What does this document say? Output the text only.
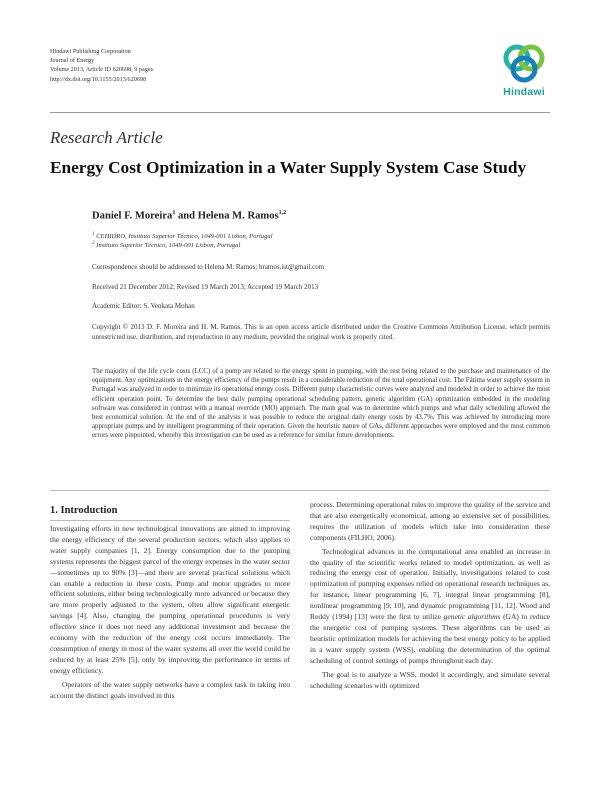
Hindawi Publishing Corporation
Journal of Energy
Volume 2013, Article ID 620698, 9 pages
http://dx.doi.org/10.1155/2013/620698
Hindawi
Research Article
Energy Cost Optimization in a Water Supply System Case Study
Daniel F. Moreira$^1$ and Helena M. Ramos$^{1,2}$
$^1$ CEHIDRO, Instituto Superior Técnico, 1049-001 Lisbon, Portugal
$^2$ Instituto Superior Técnico, 1049-001 Lisbon, Portugal
Correspondence should be addressed to Helena M. Ramos; hramos.ist@gmail.com
Received 21 December 2012; Revised 19 March 2013; Accepted 19 March 2013
Academic Editor: S. Venkata Mohan
Copyright © 2013 D. F. Moreira and H. M. Ramos. This is an open access article distributed under the Creative Commons Attribution License, which permits unrestricted use, distribution, and reproduction in any medium, provided the original work is properly cited.
The majority of the life cycle costs (LCC) of a pump are related to the energy spent in pumping, with the rest being related to the purchase and maintenance of the equipment. Any optimizations in the energy efficiency of the pumps result in a considerable reduction of the total operational cost. The Fátima water supply system in Portugal was analyzed in order to minimize its operational energy costs. Different pump characteristic curves were analyzed and modeled in order to achieve the most efficient operation point. To determine the best daily pumping operational scheduling pattern, genetic algorithm (GA) optimization embedded in the modeling software was considered in contrast with a manual override (MO) approach. The main goal was to determine which pumps and what daily scheduling allowed the best economical solution. At the end of the analysis it was possible to reduce the original daily energy costs by 43.7%. This was achieved by introducing more appropriate pumps and by intelligent programming of their operation. Given the heuristic nature of GAs, different approaches were employed and the most common errors were pinpointed, whereby this investigation can be used as a reference for similar future developments.
1. Introduction

Investigating efforts in new technological innovations are aimed to improving the energy efficiency of the several production sectors, which also applies to water supply companies [1, 2]. Energy consumption due to the pumping systems represents the biggest parcel of the energy expenses in the water sector—sometimes up to 90% [3]—and there are several practical solutions which can enable a reduction in these costs. Pump and motor upgrades to more efficient solutions, either being technologically more advanced or because they are more properly adjusted to the system, often allow significant energetic savings [4]. Also, changing the pumping operational procedures is very effective since it does not need any additional investment and because the economy with the reduction of the energy cost occurs immediately. The consumption of energy in most of the water systems all over the world could be reduced by at least 25% [5], only by improving the performance in terms of energy efficiency.

Operators of the water supply networks have a complex task in taking into account the distinct goals involved in this

process. Determining operational rules to improve the quality of the service and that are also energetically economical, among an extensive set of possibilities, requires the utilization of models which take into consideration these components (FILHO, 2006).

Technological advances in the computational area enabled an increase in the quality of the scientific works related to model optimization, as well as reducing the energy cost of operation. Initially, investigations related to cost optimization of pumping expenses relied on operational research techniques as, for instance, linear programming [6, 7], integral linear programming [8], nonlinear programming [9, 10], and dynamic programming [11, 12]. Wood and Reddy (1994) [13] were the first to utilize genetic algorithms (GA) to reduce the energetic cost of pumping systems. These algorithms can be used as heuristic optimization models for achieving the best energy policy to be applied in a water supply system (WSS), enabling the determination of the optimal scheduling of control settings of pumps throughout each day.

The goal is to analyze a WSS, model it accordingly, and simulate several scheduling scenarios with optimized
